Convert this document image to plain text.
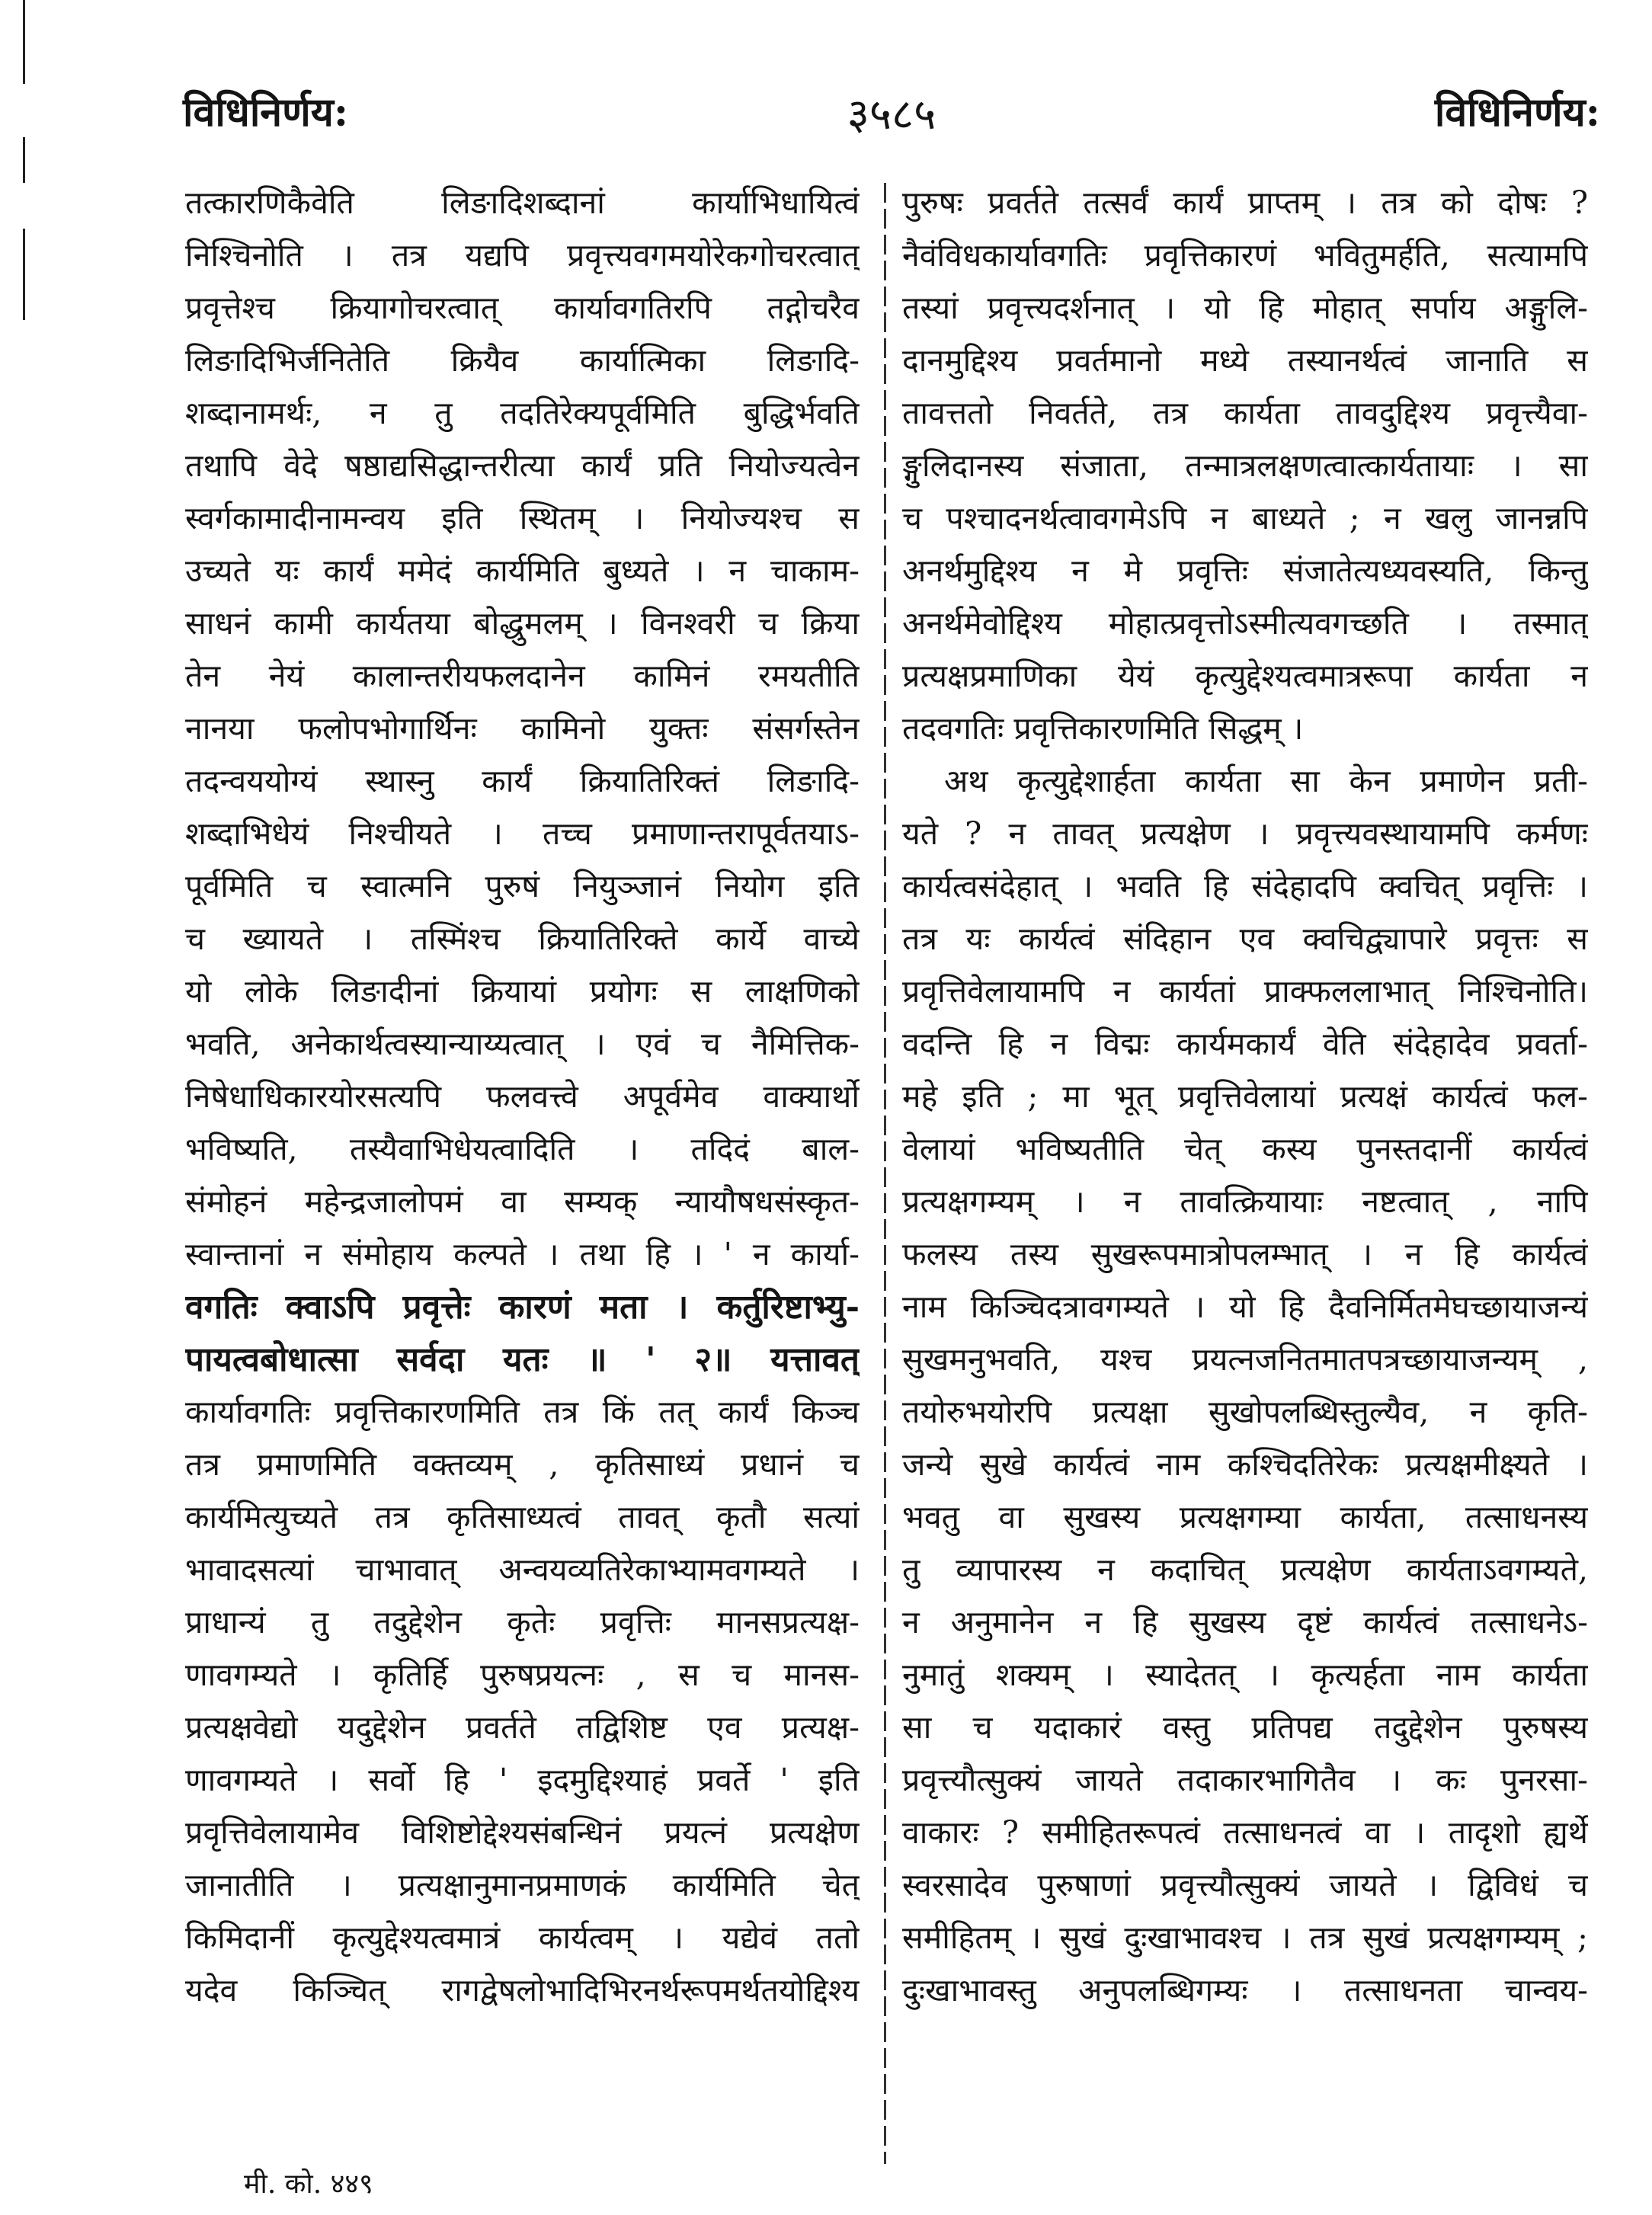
विधिनिर्णय:	३५८५	विधिनिर्णय:
तत्कारणिकैवेति लिङादिशब्दानां कार्याभिधायित्वं
निश्चिनोति । तत्र यद्यपि प्रवृत्त्यवगमयोरेकगोचरत्वात्
प्रवृत्तेश्च क्रियागोचरत्वात् कार्यावगतिरपि तद्गोचरैव
लिङादिभिर्जनितेति क्रियैव कार्यात्मिका लिङादि-
शब्दानामर्थः, न तु तदतिरेक्यपूर्वमिति बुद्धिर्भवति
तथापि वेदे षष्ठाद्यसिद्धान्तरीत्या कार्यं प्रति नियोज्यत्वेन
स्वर्गकामादीनामन्वय इति स्थितम् । नियोज्यश्च स
उच्यते यः कार्यं ममेदं कार्यमिति बुध्यते । न चाकाम-
साधनं कामी कार्यतया बोद्धुमलम् । विनश्वरी च क्रिया
तेन नेयं कालान्तरीयफलदानेन कामिनं रमयतीति
नानया फलोपभोगार्थिनः कामिनो युक्तः संसर्गस्तेन
तदन्वययोग्यं स्थास्नु कार्यं क्रियातिरिक्तं लिङादि-
शब्दाभिधेयं निश्चीयते । तच्च प्रमाणान्तरापूर्वतयाऽ-
पूर्वमिति च स्वात्मनि पुरुषं नियुञ्जानं नियोग इति
च ख्यायते । तस्मिंश्च क्रियातिरिक्ते कार्ये वाच्ये
यो लोके लिङादीनां क्रियायां प्रयोगः स लाक्षणिको
भवति, अनेकार्थत्वस्यान्याय्यत्वात् । एवं च नैमित्तिक-
निषेधाधिकारयोरसत्यपि फलवत्त्वे अपूर्वमेव वाक्यार्थो
भविष्यति, तस्यैवाभिधेयत्वादिति । तदिदं बाल-
संमोहनं महेन्द्रजालोपमं वा सम्यक् न्यायौषधसंस्कृत-
स्वान्तानां न संमोहाय कल्पते । तथा हि । ' न कार्या-
वगतिः क्वाऽपि प्रवृत्तेः कारणं मता । कर्तुरिष्टाभ्यु-
पायत्वबोधात्सा सर्वदा यतः ॥ ' २॥ यत्तावत्
कार्यावगतिः प्रवृत्तिकारणमिति तत्र किं तत् कार्यं किञ्च
तत्र प्रमाणमिति वक्तव्यम् , कृतिसाध्यं प्रधानं च
कार्यमित्युच्यते तत्र कृतिसाध्यत्वं तावत् कृतौ सत्यां
भावादसत्यां चाभावात् अन्वयव्यतिरेकाभ्यामवगम्यते ।
प्राधान्यं तु तदुद्देशेन कृतेः प्रवृत्तिः मानसप्रत्यक्ष-
णावगम्यते । कृतिर्हि पुरुषप्रयत्नः , स च मानस-
प्रत्यक्षवेद्यो यदुद्देशेन प्रवर्तते तद्विशिष्ट एव प्रत्यक्ष-
णावगम्यते । सर्वो हि ' इदमुद्दिश्याहं प्रवर्ते ' इति
प्रवृत्तिवेलायामेव विशिष्टोद्देश्यसंबन्धिनं प्रयत्नं प्रत्यक्षेण
जानातीति । प्रत्यक्षानुमानप्रमाणकं कार्यमिति चेत्
किमिदानीं कृत्युद्देश्यत्वमात्रं कार्यत्वम् । यद्येवं ततो
यदेव किञ्चित् रागद्वेषलोभादिभिरनर्थरूपमर्थतयोद्दिश्य
पुरुषः प्रवर्तते तत्सर्वं कार्यं प्राप्तम् । तत्र को दोषः ?
नैवंविधकार्यावगतिः प्रवृत्तिकारणं भवितुमर्हति, सत्यामपि
तस्यां प्रवृत्त्यदर्शनात् । यो हि मोहात् सर्पाय अङ्गुलि-
दानमुद्दिश्य प्रवर्तमानो मध्ये तस्यानर्थत्वं जानाति स
तावत्ततो निवर्तते, तत्र कार्यता तावदुद्दिश्य प्रवृत्त्यैवा-
ङ्गुलिदानस्य संजाता, तन्मात्रलक्षणत्वात्कार्यतायाः । सा
च पश्चादनर्थत्वावगमेऽपि न बाध्यते ; न खलु जानन्नपि
अनर्थमुद्दिश्य न मे प्रवृत्तिः संजातेत्यध्यवस्यति, किन्तु
अनर्थमेवोद्दिश्य मोहात्प्रवृत्तोऽस्मीत्यवगच्छति । तस्मात्
प्रत्यक्षप्रमाणिका येयं कृत्युद्देश्यत्वमात्ररूपा कार्यता न
तदवगतिः प्रवृत्तिकारणमिति सिद्धम् ।
अथ कृत्युद्देशार्हता कार्यता सा केन प्रमाणेन प्रती-
यते ? न तावत् प्रत्यक्षेण । प्रवृत्त्यवस्थायामपि कर्मणः
कार्यत्वसंदेहात् । भवति हि संदेहादपि क्वचित् प्रवृत्तिः ।
तत्र यः कार्यत्वं संदिहान एव क्वचिद्व्यापारे प्रवृत्तः स
प्रवृत्तिवेलायामपि न कार्यतां प्राक्फललाभात् निश्चिनोति।
वदन्ति हि न विद्मः कार्यमकार्यं वेति संदेहादेव प्रवर्ता-
महे इति ; मा भूत् प्रवृत्तिवेलायां प्रत्यक्षं कार्यत्वं फल-
वेलायां भविष्यतीति चेत् कस्य पुनस्तदानीं कार्यत्वं
प्रत्यक्षगम्यम् । न तावत्क्रियायाः नष्टत्वात् , नापि
फलस्य तस्य सुखरूपमात्रोपलम्भात् । न हि कार्यत्वं
नाम किञ्चिदत्रावगम्यते । यो हि दैवनिर्मितमेघच्छायाजन्यं
सुखमनुभवति, यश्च प्रयत्नजनितमातपत्रच्छायाजन्यम् ,
तयोरुभयोरपि प्रत्यक्षा सुखोपलब्धिस्तुल्यैव, न कृति-
जन्ये सुखे कार्यत्वं नाम कश्चिदतिरेकः प्रत्यक्षमीक्ष्यते ।
भवतु वा सुखस्य प्रत्यक्षगम्या कार्यता, तत्साधनस्य
तु व्यापारस्य न कदाचित् प्रत्यक्षेण कार्यताऽवगम्यते,
न अनुमानेन न हि सुखस्य दृष्टं कार्यत्वं तत्साधनेऽ-
नुमातुं शक्यम् । स्यादेतत् । कृत्यर्हता नाम कार्यता
सा च यदाकारं वस्तु प्रतिपद्य तदुद्देशेन पुरुषस्य
प्रवृत्त्यौत्सुक्यं जायते तदाकारभागितैव । कः पुनरसा-
वाकारः ? समीहितरूपत्वं तत्साधनत्वं वा । तादृशो ह्यर्थे
स्वरसादेव पुरुषाणां प्रवृत्त्यौत्सुक्यं जायते । द्विविधं च
समीहितम् । सुखं दुःखाभावश्च । तत्र सुखं प्रत्यक्षगम्यम् ;
दुःखाभावस्तु अनुपलब्धिगम्यः । तत्साधनता चान्वय-
मी. को. ४४९
